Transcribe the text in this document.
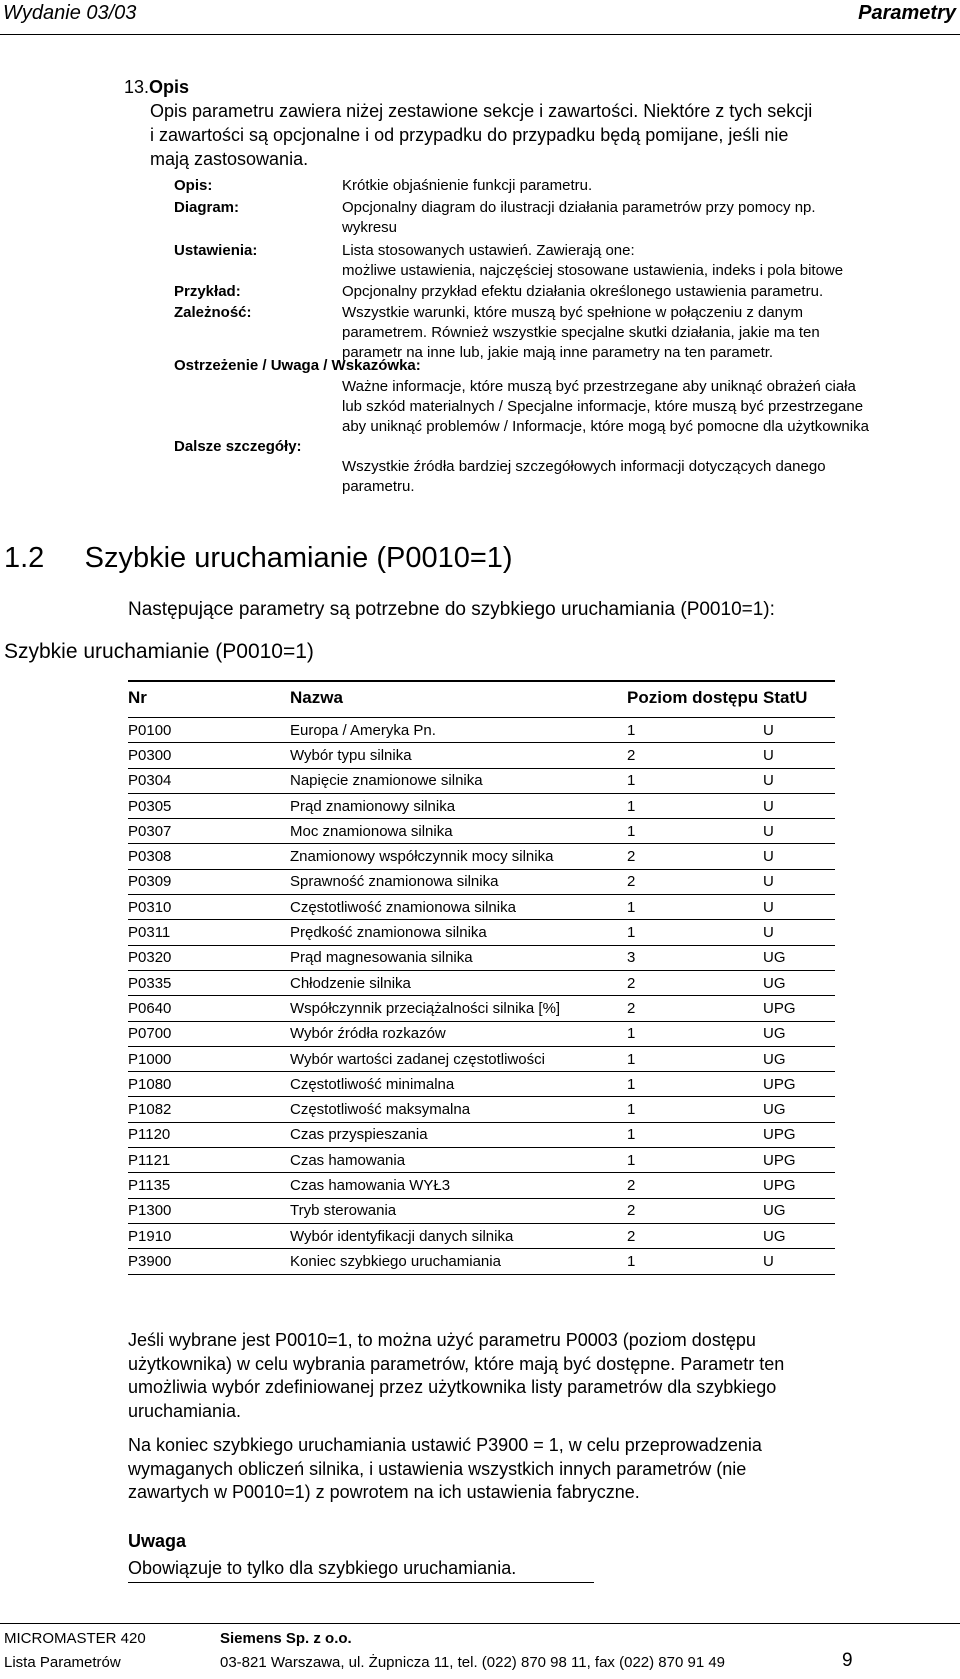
Wydanie 03/03	Parametry
13.Opis
Opis parametru zawiera niżej zestawione sekcje i zawartości. Niektóre z tych sekcji
i zawartości są opcjonalne i od przypadku do przypadku będą pomijane, jeśli nie
mają zastosowania.
Opis:	Krótkie objaśnienie funkcji parametru.
Diagram:	Opcjonalny diagram do ilustracji działania parametrów przy pomocy np.
wykresu
Ustawienia:	Lista stosowanych ustawień. Zawierają one:
możliwe ustawienia, najczęściej stosowane ustawienia, indeks i pola bitowe
Przykład:	Opcjonalny przykład efektu działania określonego ustawienia parametru.
Zależność:	Wszystkie warunki, które muszą być spełnione w połączeniu z danym
parametrem. Również wszystkie specjalne skutki działania, jakie ma ten
parametr na inne lub, jakie mają inne parametry na ten parametr.
Ostrzeżenie / Uwaga / Wskazówka:
Ważne informacje, które muszą być przestrzegane aby uniknąć obrażeń ciała
lub szkód materialnych / Specjalne informacje, które muszą być przestrzegane
aby uniknąć problemów / Informacje, które mogą być pomocne dla użytkownika
Dalsze szczegóły:
Wszystkie źródła bardziej szczegółowych informacji dotyczących danego
parametru.
1.2     Szybkie uruchamianie (P0010=1)
Następujące parametry są potrzebne do szybkiego uruchamiania (P0010=1):
Szybkie uruchamianie (P0010=1)
Nr	Nazwa	Poziom dostępu	StatU
P0100	Europa / Ameryka Pn.	1	U
P0300	Wybór typu silnika	2	U
P0304	Napięcie znamionowe silnika	1	U
P0305	Prąd znamionowy silnika	1	U
P0307	Moc znamionowa silnika	1	U
P0308	Znamionowy współczynnik mocy silnika	2	U
P0309	Sprawność znamionowa silnika	2	U
P0310	Częstotliwość znamionowa silnika	1	U
P0311	Prędkość znamionowa silnika	1	U
P0320	Prąd magnesowania silnika	3	UG
P0335	Chłodzenie silnika	2	UG
P0640	Współczynnik przeciążalności silnika [%]	2	UPG
P0700	Wybór źródła rozkazów	1	UG
P1000	Wybór wartości zadanej częstotliwości	1	UG
P1080	Częstotliwość minimalna	1	UPG
P1082	Częstotliwość maksymalna	1	UG
P1120	Czas przyspieszania	1	UPG
P1121	Czas hamowania	1	UPG
P1135	Czas hamowania WYŁ3	2	UPG
P1300	Tryb sterowania	2	UG
P1910	Wybór identyfikacji danych silnika	2	UG
P3900	Koniec szybkiego uruchamiania	1	U
Jeśli wybrane jest P0010=1, to można użyć parametru P0003 (poziom dostępu
użytkownika) w celu wybrania parametrów, które mają być dostępne. Parametr ten
umożliwia wybór zdefiniowanej przez użytkownika listy parametrów dla szybkiego
uruchamiania.
Na koniec szybkiego uruchamiania ustawić P3900 = 1, w celu przeprowadzenia
wymaganych obliczeń silnika, i ustawienia wszystkich innych parametrów (nie
zawartych w P0010=1) z powrotem na ich ustawienia fabryczne.
Uwaga
Obowiązuje to tylko dla szybkiego uruchamiania.
MICROMASTER 420
Lista Parametrów
Siemens Sp. z o.o.
03-821 Warszawa, ul. Żupnicza 11, tel. (022) 870 98 11, fax (022) 870 91 49	9
